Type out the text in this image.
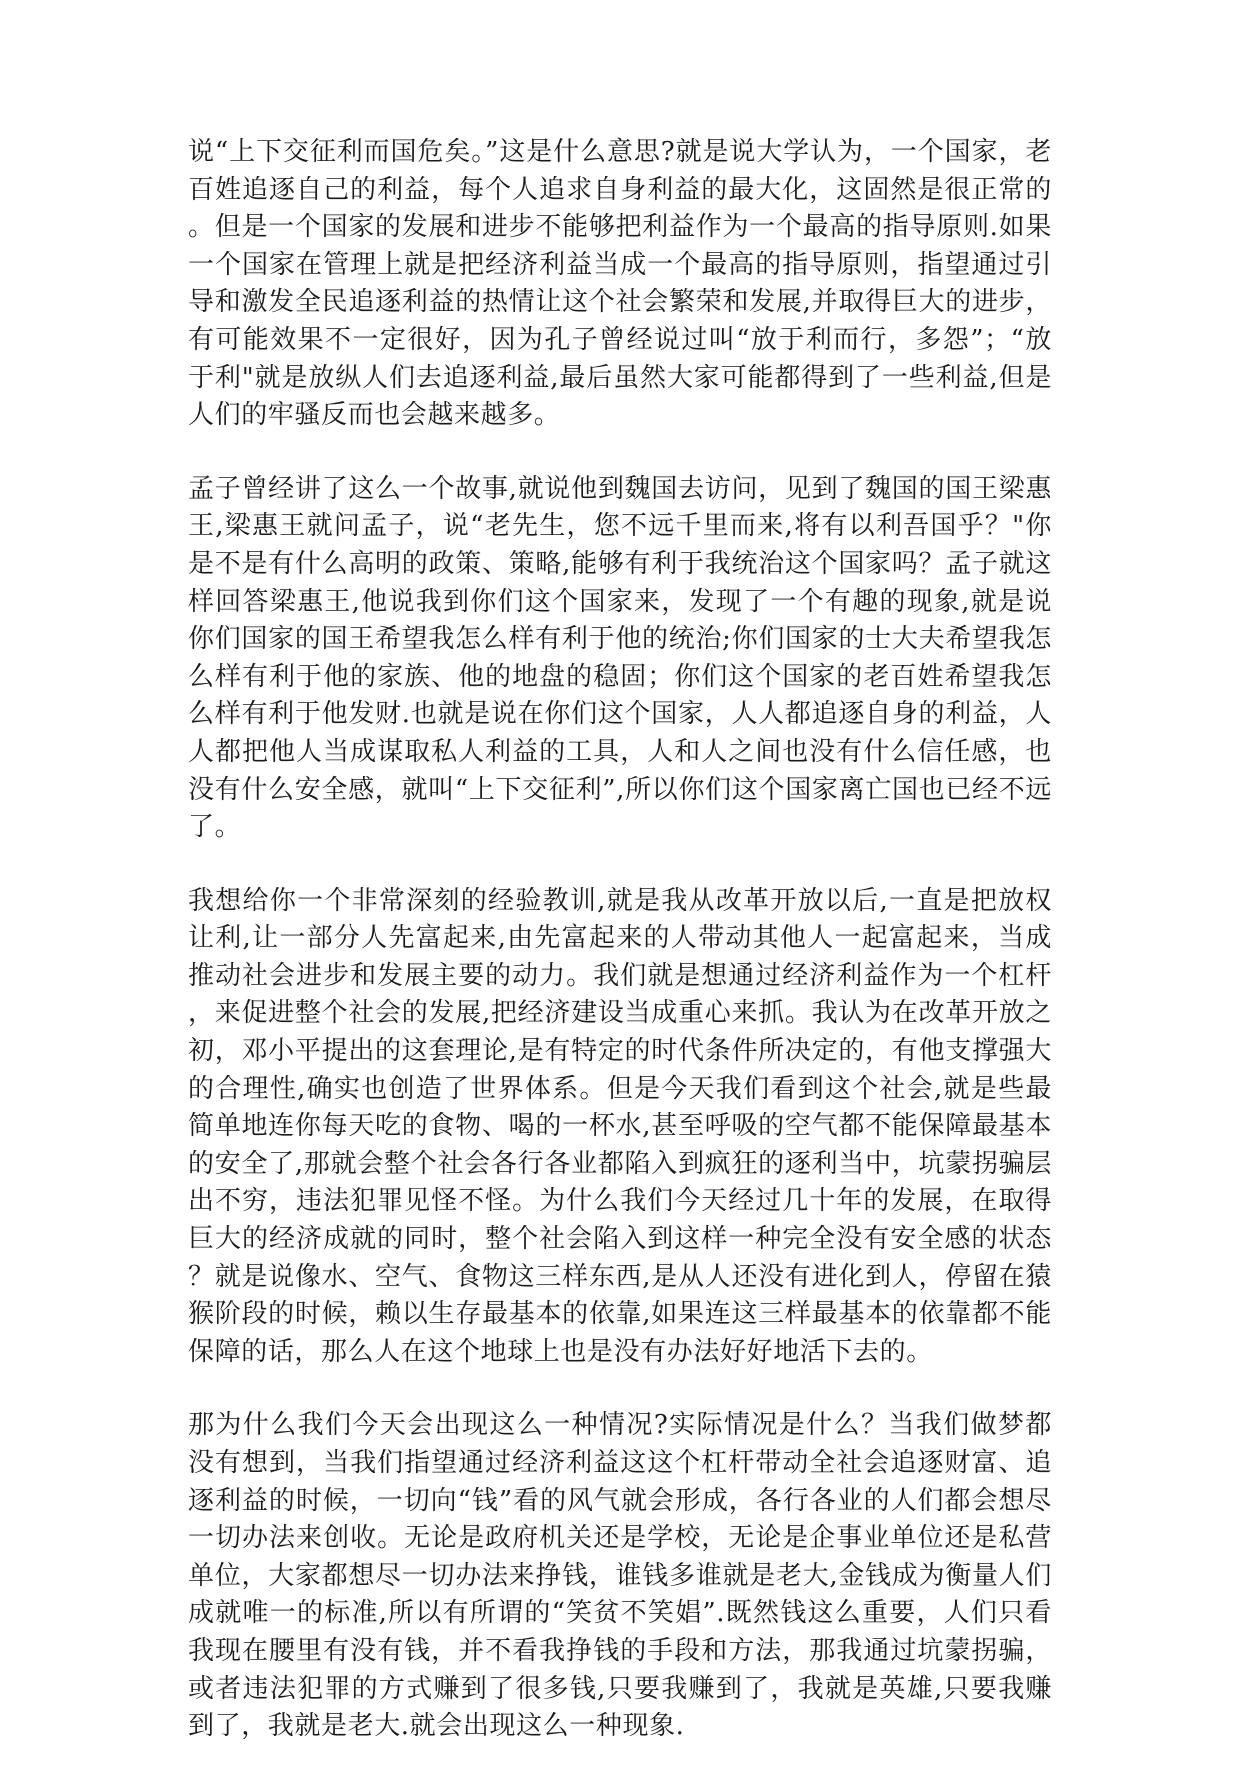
说“上下交征利而国危矣。”这是什么意思?就是说大学认为，一个国家，老百姓追逐自己的利益，每个人追求自身利益的最大化，这固然是很正常的。但是一个国家的发展和进步不能够把利益作为一个最高的指导原则.如果一个国家在管理上就是把经济利益当成一个最高的指导原则，指望通过引导和激发全民追逐利益的热情让这个社会繁荣和发展,并取得巨大的进步，有可能效果不一定很好，因为孔子曾经说过叫“放于利而行，多怨”；“放于利"就是放纵人们去追逐利益,最后虽然大家可能都得到了一些利益,但是人们的牢骚反而也会越来越多。

孟子曾经讲了这么一个故事,就说他到魏国去访问，见到了魏国的国王梁惠王,梁惠王就问孟子，说“老先生，您不远千里而来,将有以利吾国乎？"你是不是有什么高明的政策、策略,能够有利于我统治这个国家吗？孟子就这样回答梁惠王,他说我到你们这个国家来，发现了一个有趣的现象,就是说你们国家的国王希望我怎么样有利于他的统治;你们国家的士大夫希望我怎么样有利于他的家族、他的地盘的稳固；你们这个国家的老百姓希望我怎么样有利于他发财.也就是说在你们这个国家，人人都追逐自身的利益，人人都把他人当成谋取私人利益的工具，人和人之间也没有什么信任感，也没有什么安全感，就叫“上下交征利”,所以你们这个国家离亡国也已经不远了。

我想给你一个非常深刻的经验教训,就是我从改革开放以后,一直是把放权让利,让一部分人先富起来,由先富起来的人带动其他人一起富起来，当成推动社会进步和发展主要的动力。我们就是想通过经济利益作为一个杠杆，来促进整个社会的发展,把经济建设当成重心来抓。我认为在改革开放之初，邓小平提出的这套理论,是有特定的时代条件所决定的，有他支撑强大的合理性,确实也创造了世界体系。但是今天我们看到这个社会,就是些最简单地连你每天吃的食物、喝的一杯水,甚至呼吸的空气都不能保障最基本的安全了,那就会整个社会各行各业都陷入到疯狂的逐利当中，坑蒙拐骗层出不穷，违法犯罪见怪不怪。为什么我们今天经过几十年的发展，在取得巨大的经济成就的同时，整个社会陷入到这样一种完全没有安全感的状态？就是说像水、空气、食物这三样东西,是从人还没有进化到人，停留在猿猴阶段的时候，赖以生存最基本的依靠,如果连这三样最基本的依靠都不能保障的话，那么人在这个地球上也是没有办法好好地活下去的。

那为什么我们今天会出现这么一种情况?实际情况是什么？当我们做梦都没有想到，当我们指望通过经济利益这这个杠杆带动全社会追逐财富、追逐利益的时候，一切向“钱”看的风气就会形成，各行各业的人们都会想尽一切办法来创收。无论是政府机关还是学校，无论是企事业单位还是私营单位，大家都想尽一切办法来挣钱，谁钱多谁就是老大,金钱成为衡量人们成就唯一的标准,所以有所谓的“笑贫不笑娼”.既然钱这么重要，人们只看我现在腰里有没有钱，并不看我挣钱的手段和方法，那我通过坑蒙拐骗，或者违法犯罪的方式赚到了很多钱,只要我赚到了，我就是英雄,只要我赚到了，我就是老大.就会出现这么一种现象.
